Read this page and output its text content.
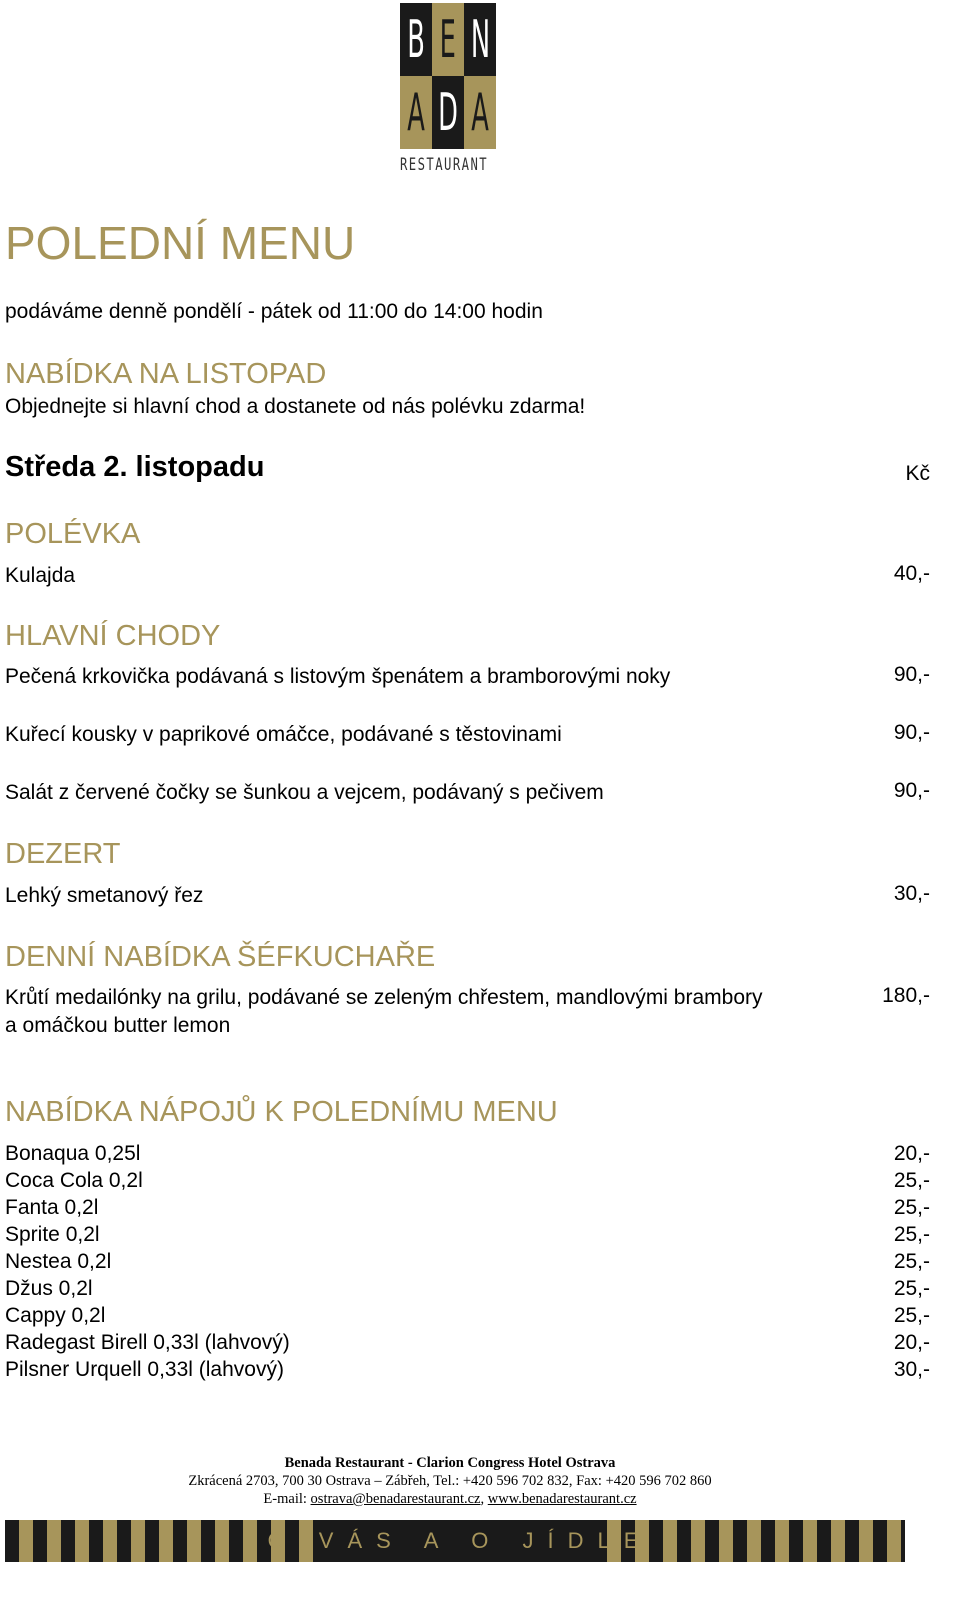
B E N
A D A
RESTAURANT
POLEDNÍ MENU

podáváme denně pondělí - pátek od 11:00 do 14:00 hodin

NABÍDKA NA LISTOPAD
Objednejte si hlavní chod a dostanete od nás polévku zdarma!
Středa 2. listopadu	Kč
POLÉVKA
Kulajda	40,-
HLAVNÍ CHODY
Pečená krkovička podávaná s listovým špenátem a bramborovými noky	90,-
Kuřecí kousky v paprikové omáčce, podávané s těstovinami	90,-
Salát z červené čočky se šunkou a vejcem, podávaný s pečivem	90,-
DEZERT
Lehký smetanový řez	30,-
DENNÍ NABÍDKA ŠÉFKUCHAŘE
Krůtí medailónky na grilu, podávané se zeleným chřestem, mandlovými brambory a omáčkou butter lemon
180,-
NABÍDKA NÁPOJŮ K POLEDNÍMU MENU
Bonaqua 0,25l	20,-
Coca Cola 0,2l	25,-
Fanta 0,2l	25,-
Sprite 0,2l	25,-
Nestea 0,2l	25,-
Džus 0,2l	25,-
Cappy 0,2l	25,-
Radegast Birell 0,33l (lahvový)	20,-
Pilsner Urquell 0,33l (lahvový)	30,-
Benada Restaurant - Clarion Congress Hotel Ostrava
Zkrácená 2703, 700 30 Ostrava – Zábřeh, Tel.: +420 596 702 832, Fax: +420 596 702 860
E-mail: ostrava@benadarestaurant.cz, www.benadarestaurant.cz
O VÁS A O JÍDLE
